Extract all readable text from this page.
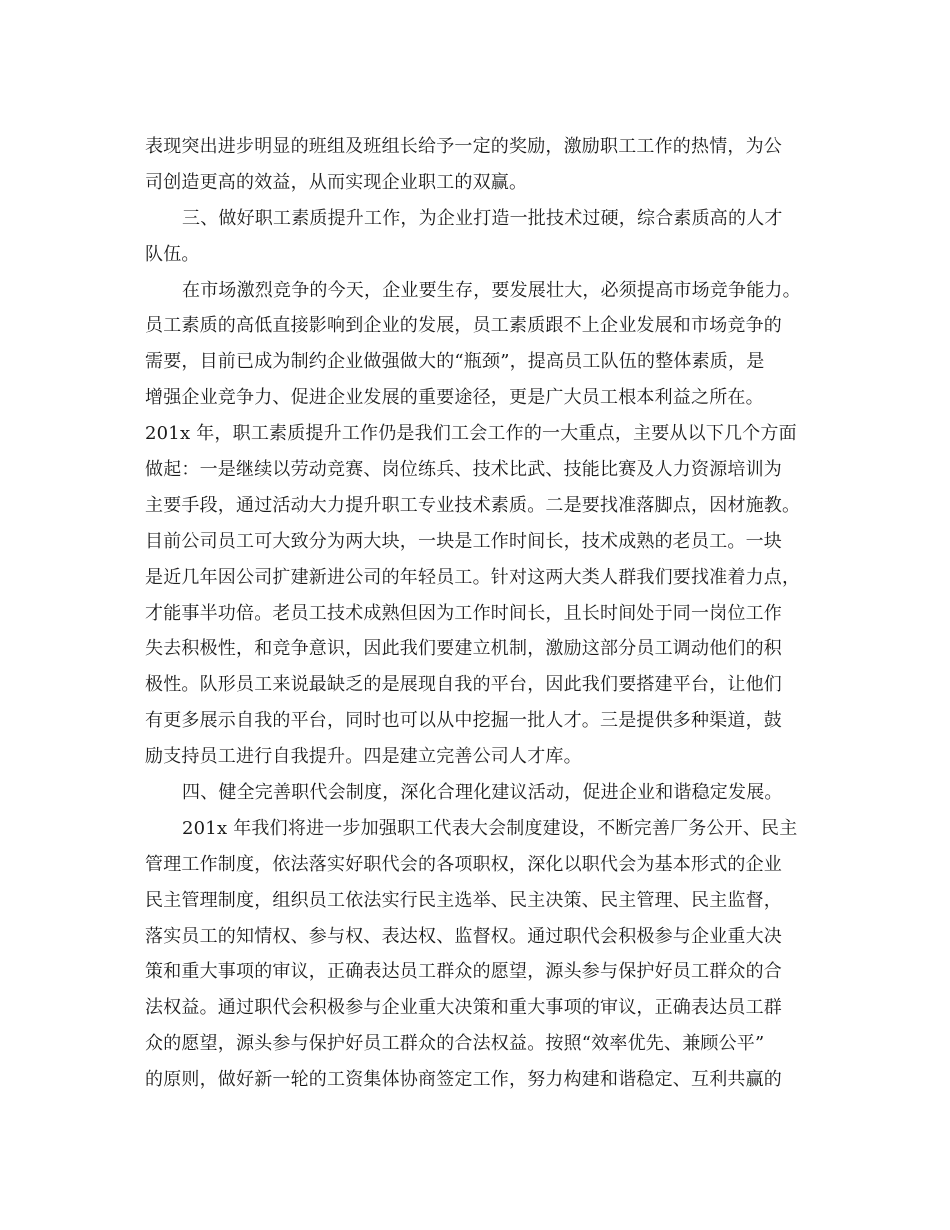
表现突出进步明显的班组及班组长给予一定的奖励，激励职工工作的热情，为公
司创造更高的效益，从而实现企业职工的双赢。
三、做好职工素质提升工作，为企业打造一批技术过硬，综合素质高的人才
队伍。
在市场激烈竞争的今天，企业要生存，要发展壮大，必须提高市场竞争能力。
员工素质的高低直接影响到企业的发展，员工素质跟不上企业发展和市场竞争的
需要，目前已成为制约企业做强做大的“瓶颈”，提高员工队伍的整体素质，是
增强企业竞争力、促进企业发展的重要途径，更是广大员工根本利益之所在。
201x 年，职工素质提升工作仍是我们工会工作的一大重点，主要从以下几个方面
做起：一是继续以劳动竞赛、岗位练兵、技术比武、技能比赛及人力资源培训为
主要手段，通过活动大力提升职工专业技术素质。二是要找准落脚点，因材施教。
目前公司员工可大致分为两大块，一块是工作时间长，技术成熟的老员工。一块
是近几年因公司扩建新进公司的年轻员工。针对这两大类人群我们要找准着力点，
才能事半功倍。老员工技术成熟但因为工作时间长，且长时间处于同一岗位工作
失去积极性，和竞争意识，因此我们要建立机制，激励这部分员工调动他们的积
极性。队形员工来说最缺乏的是展现自我的平台，因此我们要搭建平台，让他们
有更多展示自我的平台，同时也可以从中挖掘一批人才。三是提供多种渠道，鼓
励支持员工进行自我提升。四是建立完善公司人才库。
四、健全完善职代会制度，深化合理化建议活动，促进企业和谐稳定发展。
201x 年我们将进一步加强职工代表大会制度建设，不断完善厂务公开、民主
管理工作制度，依法落实好职代会的各项职权，深化以职代会为基本形式的企业
民主管理制度，组织员工依法实行民主选举、民主决策、民主管理、民主监督，
落实员工的知情权、参与权、表达权、监督权。通过职代会积极参与企业重大决
策和重大事项的审议，正确表达员工群众的愿望，源头参与保护好员工群众的合
法权益。通过职代会积极参与企业重大决策和重大事项的审议，正确表达员工群
众的愿望，源头参与保护好员工群众的合法权益。按照“效率优先、兼顾公平”
的原则，做好新一轮的工资集体协商签定工作，努力构建和谐稳定、互利共赢的
